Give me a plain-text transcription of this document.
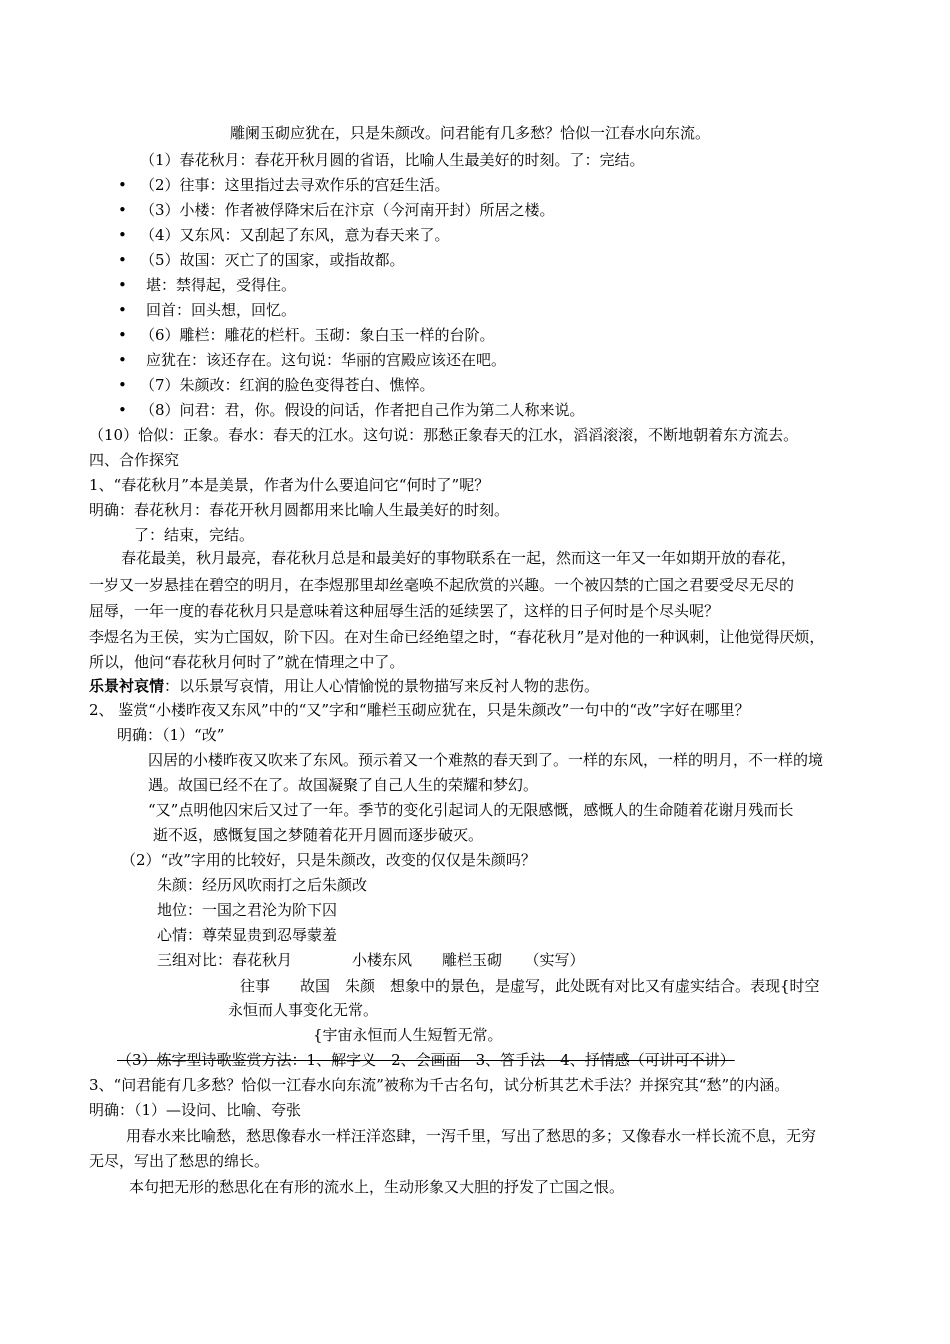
雕阑玉砌应犹在，只是朱颜改。问君能有几多愁？恰似一江春水向东流。
（1）春花秋月：春花开秋月圆的省语，比喻人生最美好的时刻。了：完结。
• （2）往事：这里指过去寻欢作乐的宫廷生活。
• （3）小楼：作者被俘降宋后在汴京（今河南开封）所居之楼。
• （4）又东风：又刮起了东风，意为春天来了。
• （5）故国：灭亡了的国家，或指故都。
• 堪：禁得起，受得住。
• 回首：回头想，回忆。
• （6）雕栏：雕花的栏杆。玉砌：象白玉一样的台阶。
• 应犹在：该还存在。这句说：华丽的宫殿应该还在吧。
• （7）朱颜改：红润的脸色变得苍白、憔悴。
• （8）问君：君，你。假设的问话，作者把自己作为第二人称来说。
（10）恰似：正象。春水：春天的江水。这句说：那愁正象春天的江水，滔滔滚滚，不断地朝着东方流去。
四、合作探究
1、“春花秋月”本是美景，作者为什么要追问它“何时了”呢？
明确：春花秋月：春花开秋月圆都用来比喻人生最美好的时刻。
了：结束，完结。
春花最美，秋月最亮，春花秋月总是和最美好的事物联系在一起，然而这一年又一年如期开放的春花，
一岁又一岁悬挂在碧空的明月，在李煜那里却丝毫唤不起欣赏的兴趣。一个被囚禁的亡国之君要受尽无尽的
屈辱，一年一度的春花秋月只是意味着这种屈辱生活的延续罢了，这样的日子何时是个尽头呢？
李煜名为王侯，实为亡国奴，阶下囚。在对生命已经绝望之时，“春花秋月”是对他的一种讽刺，让他觉得厌烦，
所以，他问“春花秋月何时了”就在情理之中了。
乐景衬哀情：以乐景写哀情，用让人心情愉悦的景物描写来反衬人物的悲伤。
2、 鉴赏“小楼昨夜又东风”中的“又”字和“雕栏玉砌应犹在，只是朱颜改”一句中的“改”字好在哪里？
明确：（1）“改”
囚居的小楼昨夜又吹来了东风。预示着又一个难熬的春天到了。一样的东风，一样的明月，不一样的境
遇。故国已经不在了。故国凝聚了自己人生的荣耀和梦幻。
“又”点明他囚宋后又过了一年。季节的变化引起词人的无限感慨，感慨人的生命随着花谢月残而长
逝不返，感慨复国之梦随着花开月圆而逐步破灭。
（2）“改”字用的比较好，只是朱颜改，改变的仅仅是朱颜吗？
朱颜：经历风吹雨打之后朱颜改
地位：一国之君沦为阶下囚
心情：尊荣显贵到忍辱蒙羞
三组对比：春花秋月　　　　小楼东风　　雕栏玉砌　　（实写）
往事　　故国　朱颜　想象中的景色，是虚写，此处既有对比又有虚实结合。表现{时空
永恒而人事变化无常。
{宇宙永恒而人生短暂无常。
（3）炼字型诗歌鉴赏方法：1、解字义　2、会画面　3、答手法　4、抒情感（可讲可不讲）
3、“问君能有几多愁？恰似一江春水向东流”被称为千古名句，试分析其艺术手法？并探究其“愁”的内涵。
明确：（1）—设问、比喻、夸张
用春水来比喻愁，愁思像春水一样汪洋恣肆，一泻千里，写出了愁思的多；又像春水一样长流不息，无穷
无尽，写出了愁思的绵长。
本句把无形的愁思化在有形的流水上，生动形象又大胆的抒发了亡国之恨。
